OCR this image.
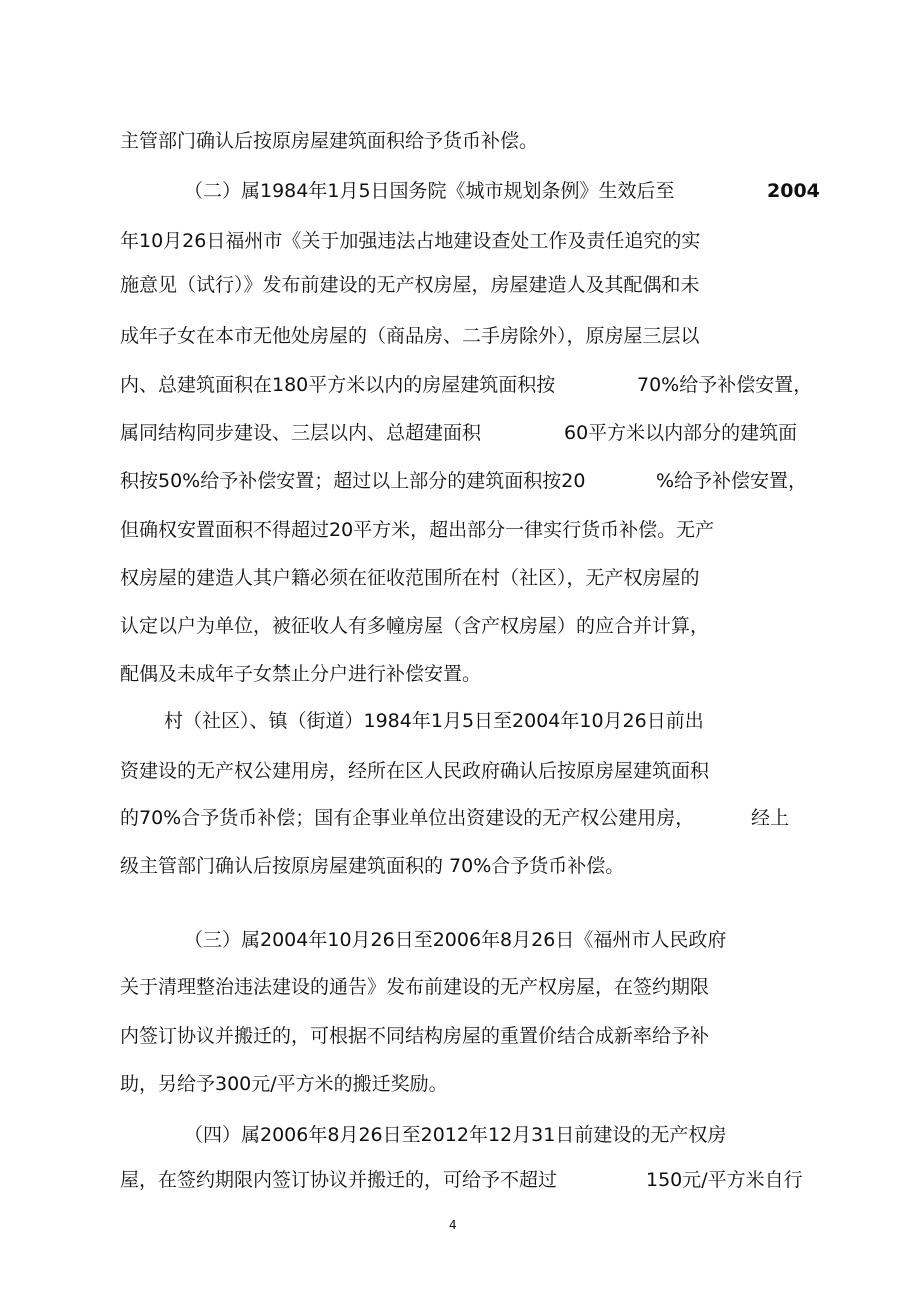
主管部门确认后按原房屋建筑面积给予货币补偿。
（二）属1984年1月5日国务院《城市规划条例》生效后至	2004
年10月26日福州市《关于加强违法占地建设查处工作及责任追究的实
施意见（试行）》发布前建设的无产权房屋，房屋建造人及其配偶和未
成年子女在本市无他处房屋的（商品房、二手房除外），原房屋三层以
内、总建筑面积在180平方米以内的房屋建筑面积按	70%给予补偿安置，
属同结构同步建设、三层以内、总超建面积	60平方米以内部分的建筑面
积按50%给予补偿安置；超过以上部分的建筑面积按20	%给予补偿安置，
但确权安置面积不得超过20平方米，超出部分一律实行货币补偿。无产
权房屋的建造人其户籍必须在征收范围所在村（社区），无产权房屋的
认定以户为单位，被征收人有多幢房屋（含产权房屋）的应合并计算，
配偶及未成年子女禁止分户进行补偿安置。
村（社区）、镇（街道）1984年1月5日至2004年10月26日前出
资建设的无产权公建用房，经所在区人民政府确认后按原房屋建筑面积
的70%合予货币补偿；国有企事业单位出资建设的无产权公建用房，	经上
级主管部门确认后按原房屋建筑面积的 70%合予货币补偿。
（三）属2004年10月26日至2006年8月26日《福州市人民政府
关于清理整治违法建设的通告》发布前建设的无产权房屋，在签约期限
内签订协议并搬迁的，可根据不同结构房屋的重置价结合成新率给予补
助，另给予300元/平方米的搬迁奖励。
（四）属2006年8月26日至2012年12月31日前建设的无产权房
屋，在签约期限内签订协议并搬迁的，可给予不超过	150元/平方米自行
4
